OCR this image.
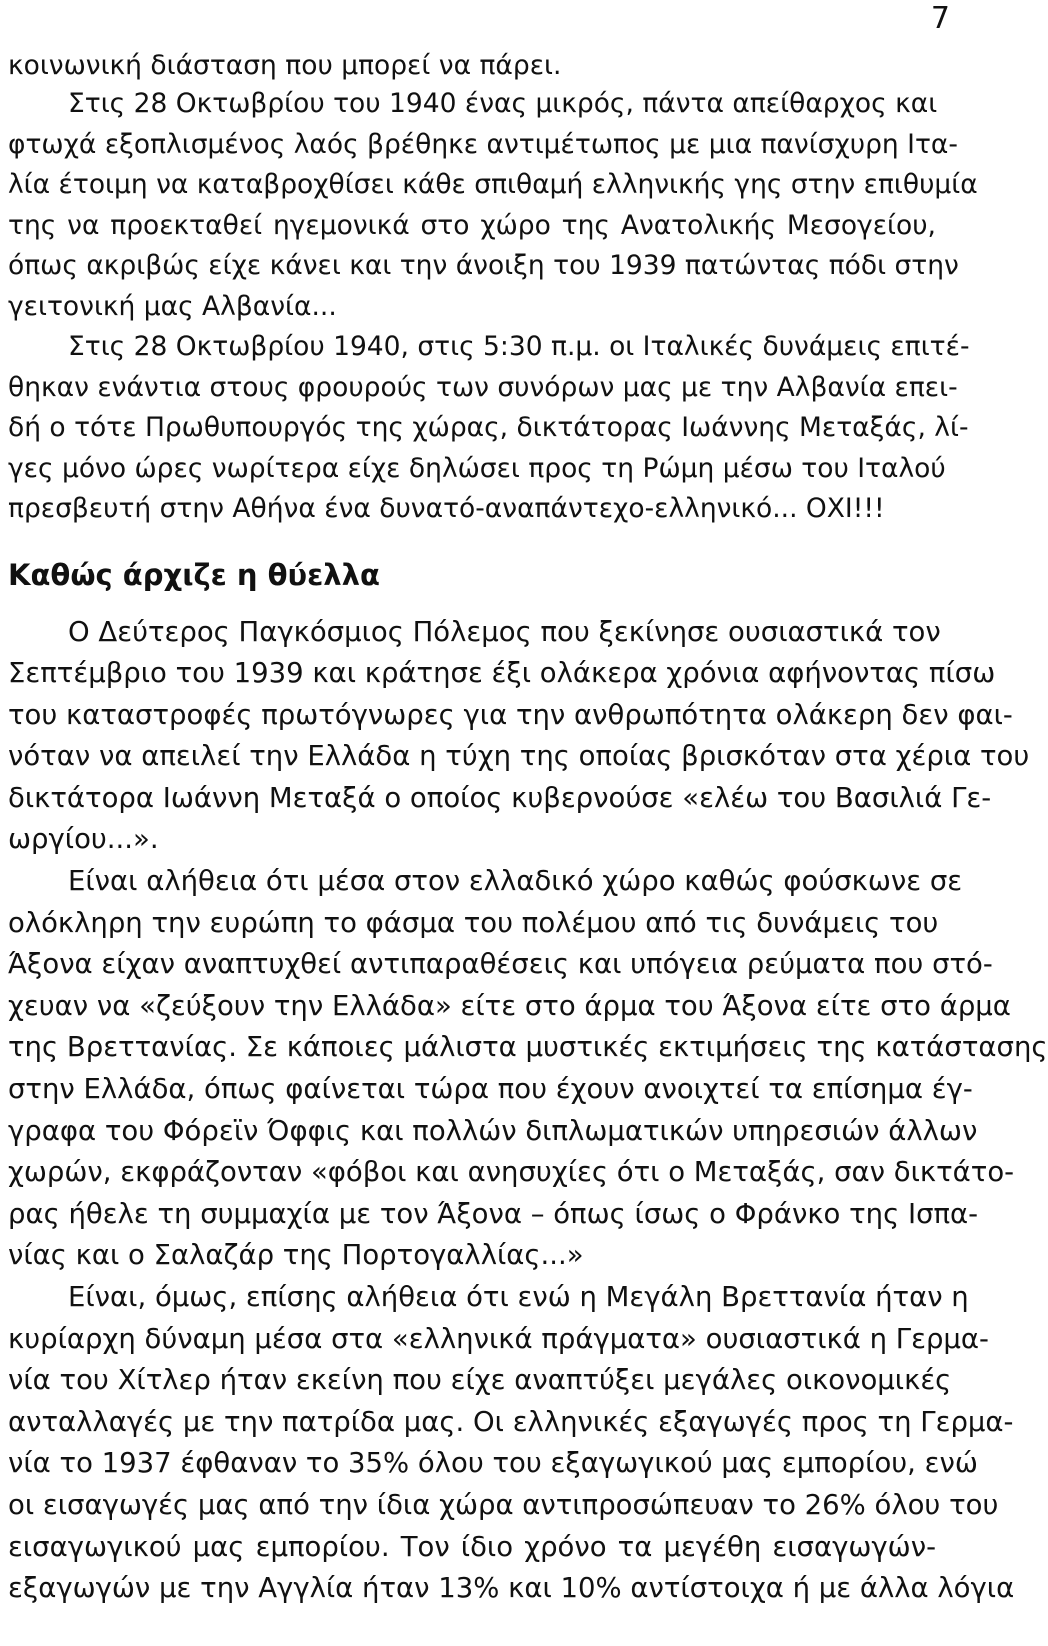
7
κοινωνική διάσταση που μπορεί να πάρει.
Στις 28 Οκτωβρίου του 1940 ένας μικρός, πάντα απείθαρχος και
φτωχά εξοπλισμένος λαός βρέθηκε αντιμέτωπος με μια πανίσχυρη Ιτα-
λία έτοιμη να καταβροχθίσει κάθε σπιθαμή ελληνικής γης στην επιθυμία
της να προεκταθεί ηγεμονικά στο χώρο της Ανατολικής Μεσογείου,
όπως ακριβώς είχε κάνει και την άνοιξη του 1939 πατώντας πόδι στην
γειτονική μας Αλβανία...
Στις 28 Οκτωβρίου 1940, στις 5:30 π.μ. οι Ιταλικές δυνάμεις επιτέ-
θηκαν ενάντια στους φρουρούς των συνόρων μας με την Αλβανία επει-
δή ο τότε Πρωθυπουργός της χώρας, δικτάτορας Ιωάννης Μεταξάς, λί-
γες μόνο ώρες νωρίτερα είχε δηλώσει προς τη Ρώμη μέσω του Ιταλού
πρεσβευτή στην Αθήνα ένα δυνατό-αναπάντεχο-ελληνικό... ΟΧΙ!!!
Καθώς άρχιζε η θύελλα
Ο Δεύτερος Παγκόσμιος Πόλεμος που ξεκίνησε ουσιαστικά τον
Σεπτέμβριο του 1939 και κράτησε έξι ολάκερα χρόνια αφήνοντας πίσω
του καταστροφές πρωτόγνωρες για την ανθρωπότητα ολάκερη δεν φαι-
νόταν να απειλεί την Ελλάδα η τύχη της οποίας βρισκόταν στα χέρια του
δικτάτορα Ιωάννη Μεταξά ο οποίος κυβερνούσε «ελέω του Βασιλιά Γε-
ωργίου...».
Είναι αλήθεια ότι μέσα στον ελλαδικό χώρο καθώς φούσκωνε σε
ολόκληρη την ευρώπη το φάσμα του πολέμου από τις δυνάμεις του
Άξονα είχαν αναπτυχθεί αντιπαραθέσεις και υπόγεια ρεύματα που στό-
χευαν να «ζεύξουν την Ελλάδα» είτε στο άρμα του Άξονα είτε στο άρμα
της Βρεττανίας. Σε κάποιες μάλιστα μυστικές εκτιμήσεις της κατάστασης
στην Ελλάδα, όπως φαίνεται τώρα που έχουν ανοιχτεί τα επίσημα έγ-
γραφα του Φόρεϊν Όφφις και πολλών διπλωματικών υπηρεσιών άλλων
χωρών, εκφράζονταν «φόβοι και ανησυχίες ότι ο Μεταξάς, σαν δικτάτο-
ρας ήθελε τη συμμαχία με τον Άξονα – όπως ίσως ο Φράνκο της Ισπα-
νίας και ο Σαλαζάρ της Πορτογαλλίας...»
Είναι, όμως, επίσης αλήθεια ότι ενώ η Μεγάλη Βρεττανία ήταν η
κυρίαρχη δύναμη μέσα στα «ελληνικά πράγματα» ουσιαστικά η Γερμα-
νία του Χίτλερ ήταν εκείνη που είχε αναπτύξει μεγάλες οικονομικές
ανταλλαγές με την πατρίδα μας. Οι ελληνικές εξαγωγές προς τη Γερμα-
νία το 1937 έφθαναν το 35% όλου του εξαγωγικού μας εμπορίου, ενώ
οι εισαγωγές μας από την ίδια χώρα αντιπροσώπευαν το 26% όλου του
εισαγωγικού μας εμπορίου. Τον ίδιο χρόνο τα μεγέθη εισαγωγών-
εξαγωγών με την Αγγλία ήταν 13% και 10% αντίστοιχα ή με άλλα λόγια
